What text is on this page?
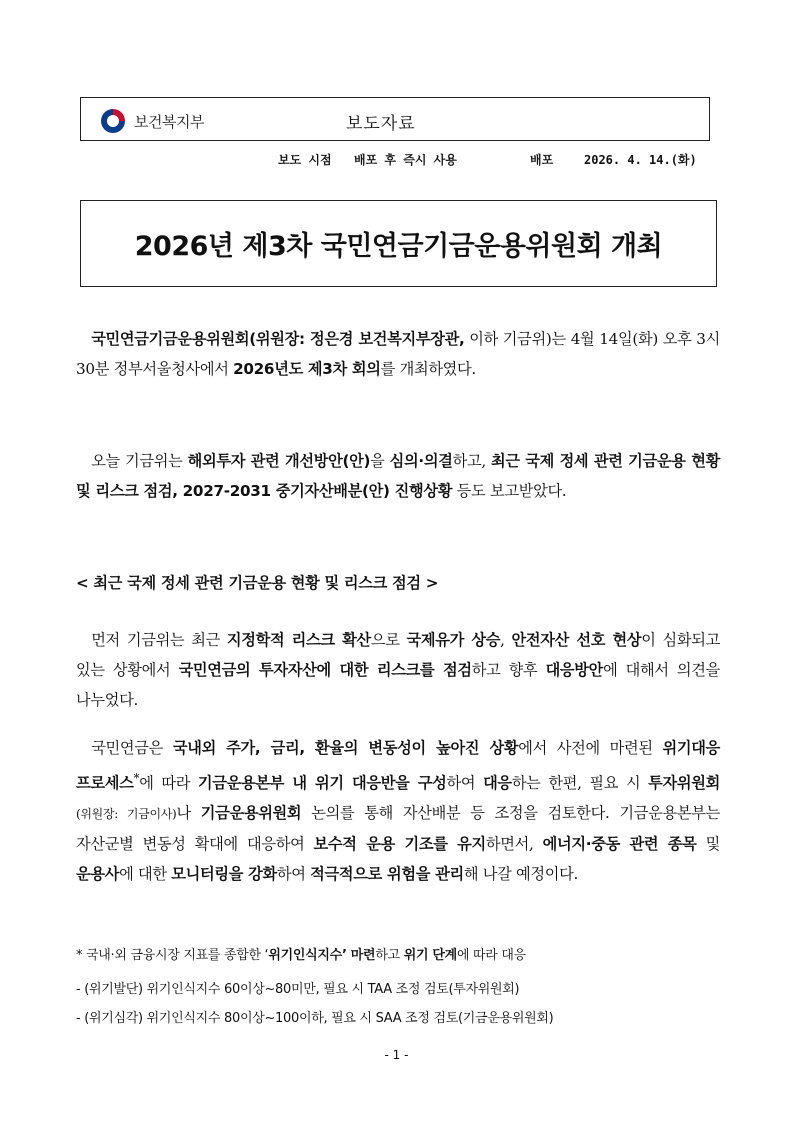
보건복지부	보도자료
보도 시점 배포 후 즉시 사용	배포	2026. 4. 14.(화)
2026년 제3차 국민연금기금운용위원회 개최

국민연금기금운용위원회(위원장: 정은경 보건복지부장관, 이하 기금위)는 4월 14일(화) 오후 3시 30분 정부서울청사에서 2026년도 제3차 회의를 개최하였다.

오늘 기금위는 해외투자 관련 개선방안(안)을 심의·의결하고, 최근 국제 정세 관련 기금운용 현황 및 리스크 점검, 2027-2031 중기자산배분(안) 진행상황 등도 보고받았다.

< 최근 국제 정세 관련 기금운용 현황 및 리스크 점검 >

먼저 기금위는 최근 지정학적 리스크 확산으로 국제유가 상승, 안전자산 선호 현상이 심화되고 있는 상황에서 국민연금의 투자자산에 대한 리스크를 점검하고 향후 대응방안에 대해서 의견을 나누었다.

국민연금은 국내외 주가, 금리, 환율의 변동성이 높아진 상황에서 사전에 마련된 위기대응 프로세스*에 따라 기금운용본부 내 위기 대응반을 구성하여 대응하는 한편, 필요 시 투자위원회(위원장: 기금이사)나 기금운용위원회 논의를 통해 자산배분 등 조정을 검토한다. 기금운용본부는 자산군별 변동성 확대에 대응하여 보수적 운용 기조를 유지하면서, 에너지·중동 관련 종목 및 운용사에 대한 모니터링을 강화하여 적극적으로 위험을 관리해 나갈 예정이다.

* 국내·외 금융시장 지표를 종합한 ‘위기인식지수’ 마련하고 위기 단계에 따라 대응

- (위기발단) 위기인식지수 60이상~80미만, 필요 시 TAA 조정 검토(투자위원회)

- (위기심각) 위기인식지수 80이상~100이하, 필요 시 SAA 조정 검토(기금운용위원회)

- 1 -
